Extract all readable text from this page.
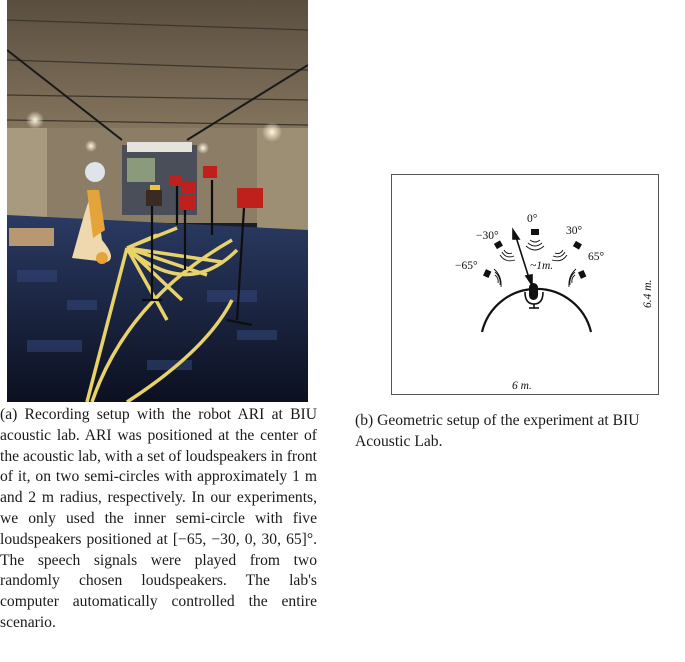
(a) Recording setup with the robot ARI at BIU acoustic lab. ARI was positioned at the center of the acoustic lab, with a set of loudspeakers in front of it, on two semi-circles with approximately 1 m and 2 m radius, respectively. In our experiments, we only used the inner semi-circle with five loudspeakers positioned at [−65, −30, 0, 30, 65]°. The speech signals were played from two randomly chosen loudspeakers. The lab's computer automatically controlled the entire scenario.
0°
−30°	30°
−65°
65°
~1m.
6 m.
6.4 m.
(b) Geometric setup of the experiment at BIU Acoustic Lab.
